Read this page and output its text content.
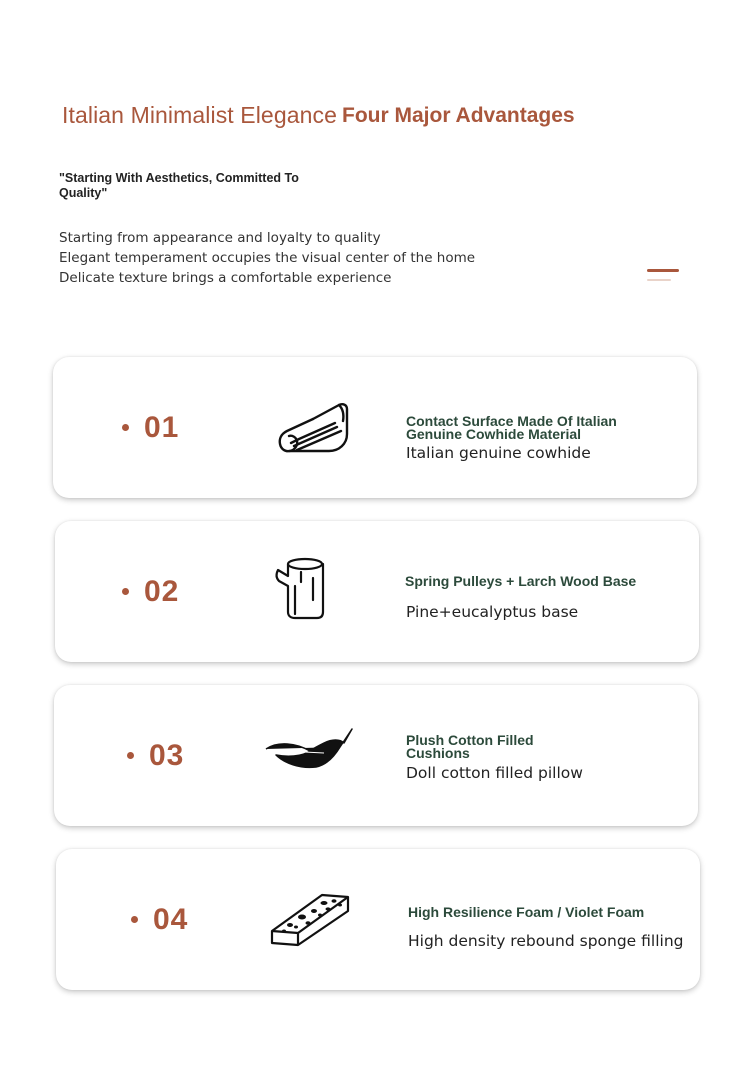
Italian Minimalist Elegance Four Major Advantages
"Starting With Aesthetics, Committed To Quality"
Starting from appearance and loyalty to quality
Elegant temperament occupies the visual center of the home
Delicate texture brings a comfortable experience
01	Contact Surface Made Of Italian Genuine Cowhide Material
Italian genuine cowhide
02	Spring Pulleys + Larch Wood Base
Pine+eucalyptus base
03	Plush Cotton Filled Cushions
Doll cotton filled pillow
04	High Resilience Foam / Violet Foam
High density rebound sponge filling
